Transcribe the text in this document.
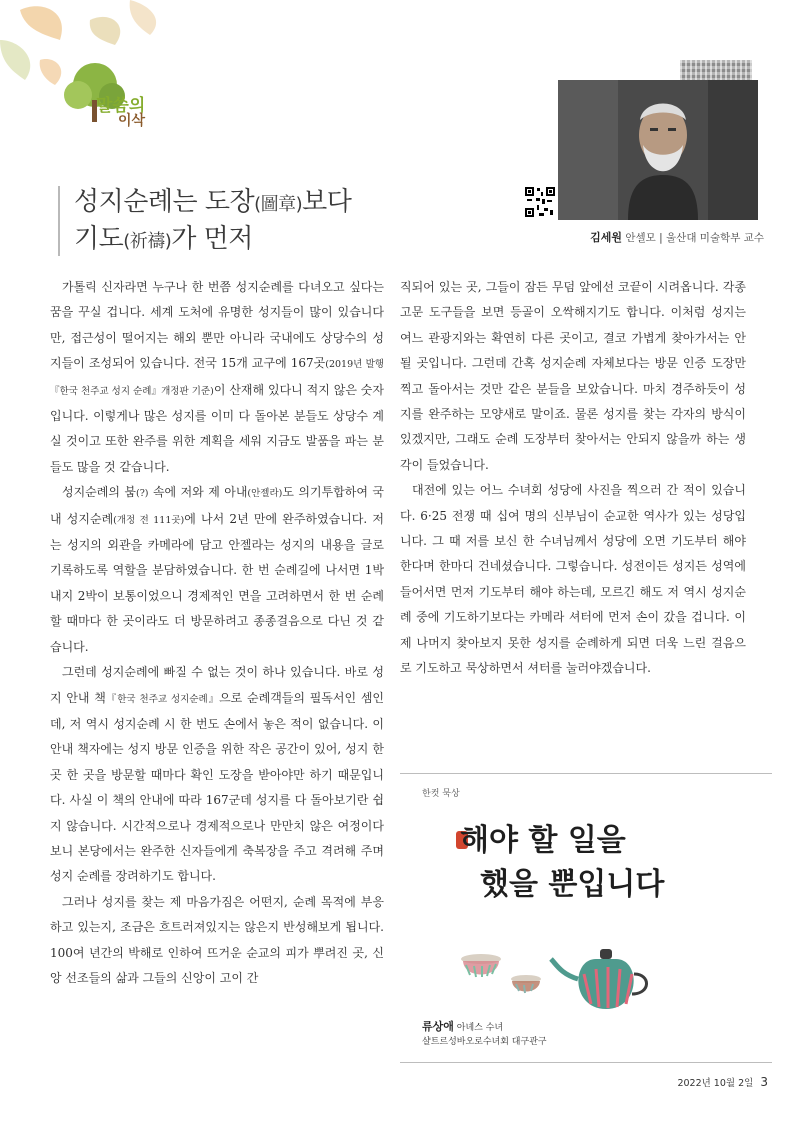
말씀의
이삭
성지순례는 도장(圖章)보다
기도(祈禱)가 먼저	김세원 안셀모 | 울산대 미술학부 교수

가톨릭 신자라면 누구나 한 번쯤 성지순례를 다녀오고 싶다는 꿈을 꾸실 겁니다. 세계 도처에 유명한 성지들이 많이 있습니다만, 접근성이 떨어지는 해외 뿐만 아니라 국내에도 상당수의 성지들이 조성되어 있습니다. 전국 15개 교구에 167곳(2019년 발행『한국 천주교 성지 순례』개정판 기준)이 산재해 있다니 적지 않은 숫자입니다. 이렇게나 많은 성지를 이미 다 돌아본 분들도 상당수 계실 것이고 또한 완주를 위한 계획을 세워 지금도 발품을 파는 분들도 많을 것 같습니다.

성지순례의 붐(?) 속에 저와 제 아내(안젤라)도 의기투합하여 국내 성지순례(개정 전 111곳)에 나서 2년 만에 완주하였습니다. 저는 성지의 외관을 카메라에 담고 안젤라는 성지의 내용을 글로 기록하도록 역할을 분담하였습니다. 한 번 순례길에 나서면 1박 내지 2박이 보통이었으니 경제적인 면을 고려하면서 한 번 순례할 때마다 한 곳이라도 더 방문하려고 종종걸음으로 다닌 것 같습니다.

그런데 성지순례에 빠질 수 없는 것이 하나 있습니다. 바로 성지 안내 책『한국 천주교 성지순례』으로 순례객들의 필독서인 셈인데, 저 역시 성지순례 시 한 번도 손에서 놓은 적이 없습니다. 이 안내 책자에는 성지 방문 인증을 위한 작은 공간이 있어, 성지 한 곳 한 곳을 방문할 때마다 확인 도장을 받아야만 하기 때문입니다. 사실 이 책의 안내에 따라 167군데 성지를 다 돌아보기란 쉽지 않습니다. 시간적으로나 경제적으로나 만만치 않은 여정이다 보니 본당에서는 완주한 신자들에게 축복장을 주고 격려해 주며 성지 순례를 장려하기도 합니다.

그러나 성지를 찾는 제 마음가짐은 어떤지, 순례 목적에 부응하고 있는지, 조금은 흐트러져있지는 않은지 반성해보게 됩니다. 100여 년간의 박해로 인하여 뜨거운 순교의 피가 뿌려진 곳, 신앙 선조들의 삶과 그들의 신앙이 고이 간

직되어 있는 곳, 그들이 잠든 무덤 앞에선 코끝이 시려옵니다. 각종 고문 도구들을 보면 등골이 오싹해지기도 합니다. 이처럼 성지는 여느 관광지와는 확연히 다른 곳이고, 결코 가볍게 찾아가서는 안 될 곳입니다. 그런데 간혹 성지순례 자체보다는 방문 인증 도장만 찍고 돌아서는 것만 같은 분들을 보았습니다. 마치 경주하듯이 성지를 완주하는 모양새로 말이죠. 물론 성지를 찾는 각자의 방식이 있겠지만, 그래도 순례 도장부터 찾아서는 안되지 않을까 하는 생각이 들었습니다.

대전에 있는 어느 수녀회 성당에 사진을 찍으러 간 적이 있습니다. 6·25 전쟁 때 십여 명의 신부님이 순교한 역사가 있는 성당입니다. 그 때 저를 보신 한 수녀님께서 성당에 오면 기도부터 해야 한다며 한마디 건네셨습니다. 그렇습니다. 성전이든 성지든 성역에 들어서면 먼저 기도부터 해야 하는데, 모르긴 해도 저 역시 성지순례 중에 기도하기보다는 카메라 셔터에 먼저 손이 갔을 겁니다. 이제 나머지 찾아보지 못한 성지를 순례하게 되면 더욱 느린 걸음으로 기도하고 묵상하면서 셔터를 눌러야겠습니다.

한컷 묵상
해야 할 일을
했을 뿐입니다
류상애 아녜스 수녀
샬트르성바오로수녀회 대구관구
2022년 10월 2일 3
